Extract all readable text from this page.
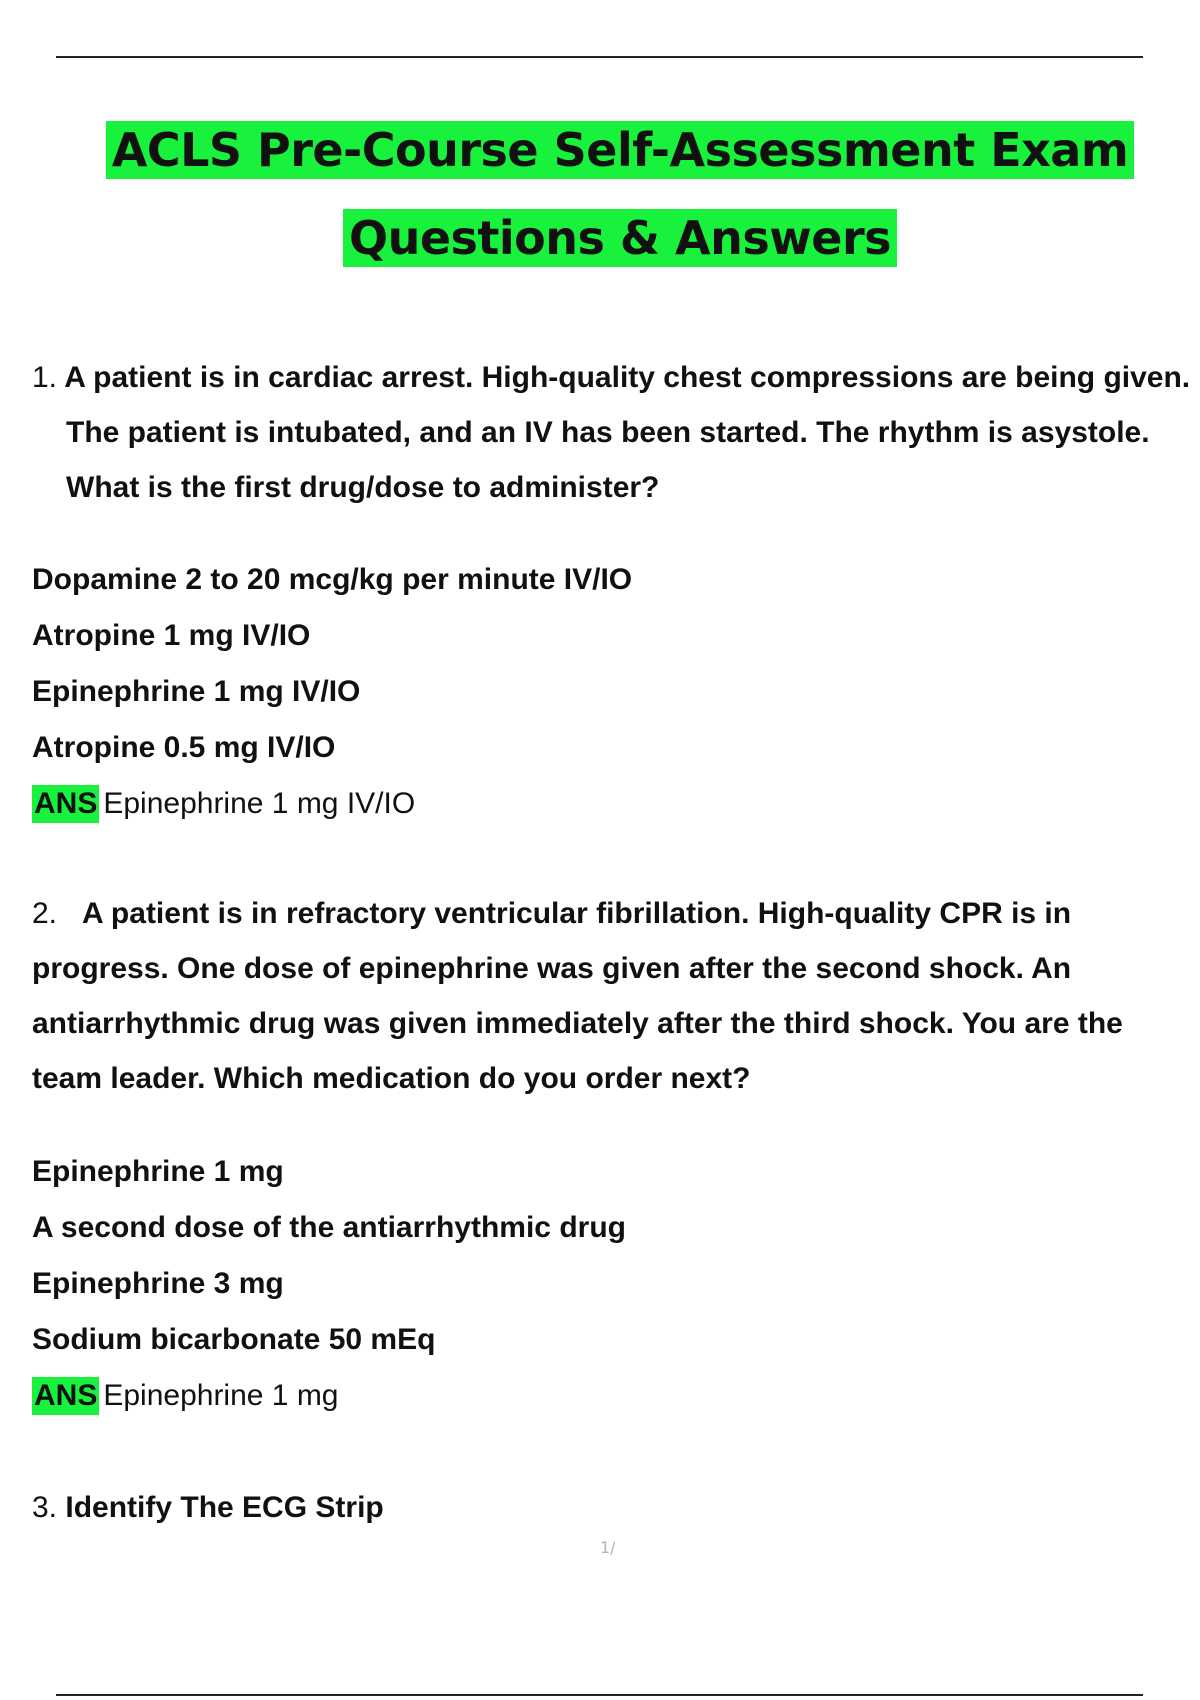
ACLS Pre-Course Self-Assessment Exam
Questions & Answers

1. A patient is in cardiac arrest. High-quality chest compressions are being given. The patient is intubated, and an IV has been started. The rhythm is asystole. What is the first drug/dose to administer?

Dopamine 2 to 20 mcg/kg per minute IV/IO
Atropine 1 mg IV/IO
Epinephrine 1 mg IV/IO
Atropine 0.5 mg IV/IO
ANS Epinephrine 1 mg IV/IO

2. A patient is in refractory ventricular fibrillation. High-quality CPR is in progress. One dose of epinephrine was given after the second shock. An antiarrhythmic drug was given immediately after the third shock. You are the team leader. Which medication do you order next?

Epinephrine 1 mg
A second dose of the antiarrhythmic drug
Epinephrine 3 mg
Sodium bicarbonate 50 mEq
ANS Epinephrine 1 mg

3. Identify The ECG Strip

1/
